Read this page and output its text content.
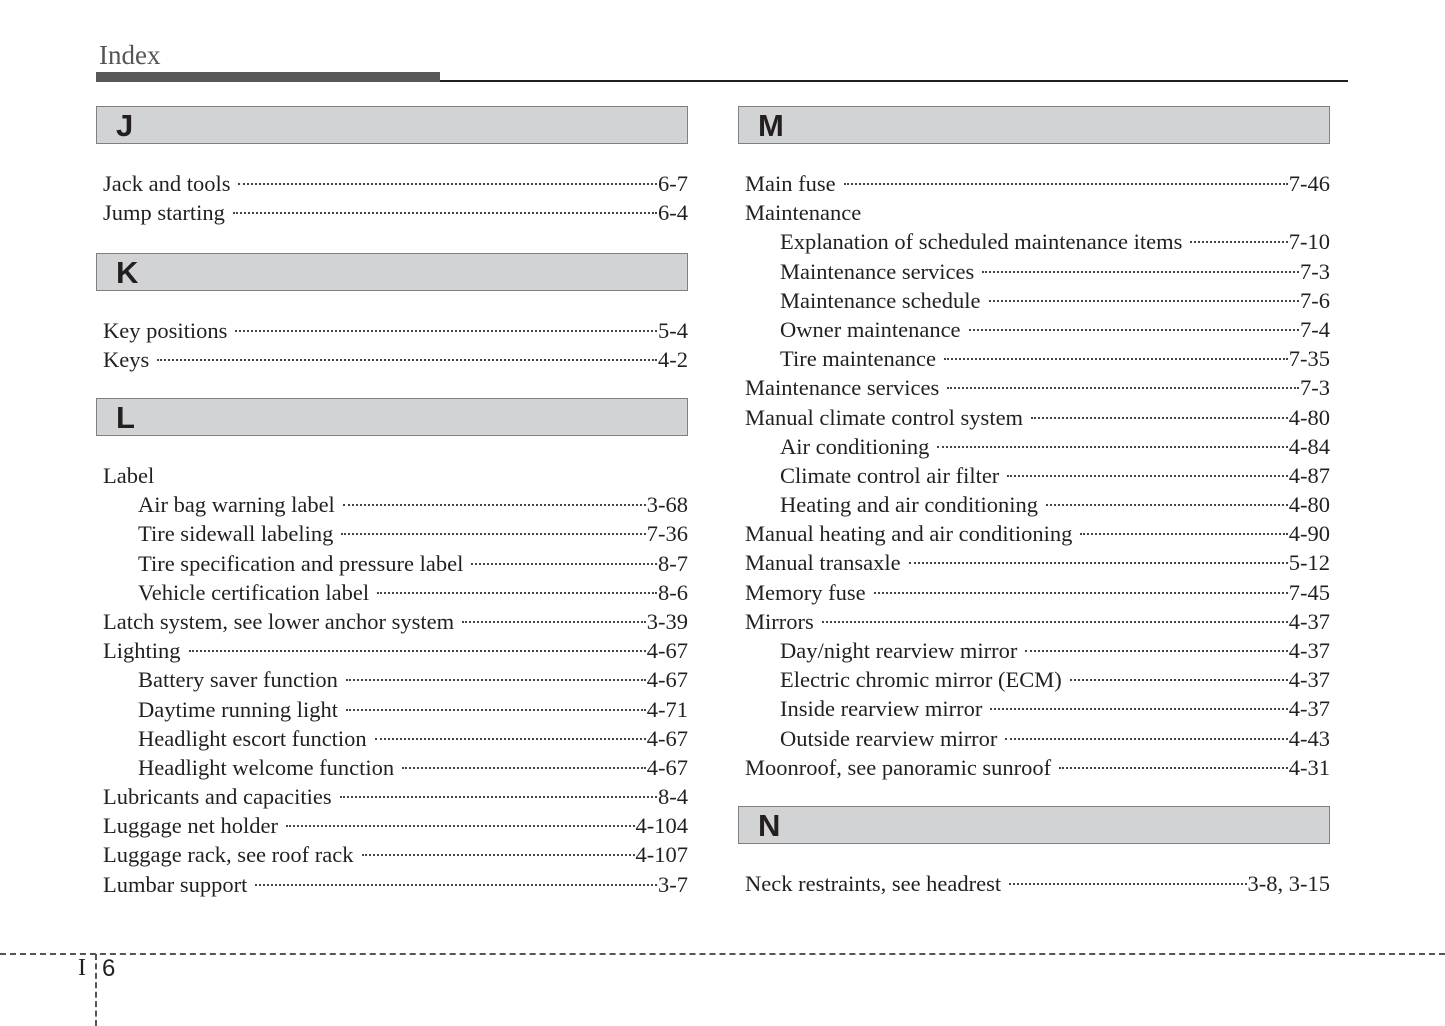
Index
J
Jack and tools	6-7
Jump starting	6-4
K
Key positions	5-4
Keys	4-2
L
Label
Air bag warning label	3-68
Tire sidewall labeling	7-36
Tire specification and pressure label	8-7
Vehicle certification label	8-6
Latch system, see lower anchor system	3-39
Lighting	4-67
Battery saver function	4-67
Daytime running light	4-71
Headlight escort function	4-67
Headlight welcome function	4-67
Lubricants and capacities	8-4
Luggage net holder	4-104
Luggage rack, see roof rack	4-107
Lumbar support	3-7
M
Main fuse	7-46
Maintenance
Explanation of scheduled maintenance items	7-10
Maintenance services	7-3
Maintenance schedule	7-6
Owner maintenance	7-4
Tire maintenance	7-35
Maintenance services	7-3
Manual climate control system	4-80
Air conditioning	4-84
Climate control air filter	4-87
Heating and air conditioning	4-80
Manual heating and air conditioning	4-90
Manual transaxle	5-12
Memory fuse	7-45
Mirrors	4-37
Day/night rearview mirror	4-37
Electric chromic mirror (ECM)	4-37
Inside rearview mirror	4-37
Outside rearview mirror	4-43
Moonroof, see panoramic sunroof	4-31
N
Neck restraints, see headrest	3-8, 3-15
I 6
